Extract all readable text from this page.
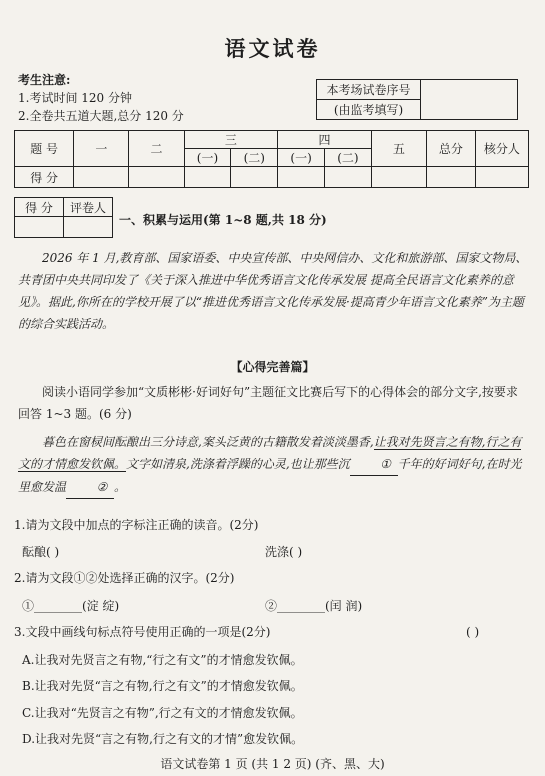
语文试卷
考生注意:
1.考试时间 120 分钟
2.全卷共五道大题,总分 120 分
本考场试卷序号	
(由监考填写)
题 号	一	二	三		四		五	总分	核分人
			(一)	(二)	(一)	(二)			
得 分									
得 分	评卷人

一、积累与运用(第 1~8 题,共 18 分)
2026 年 1 月,教育部、国家语委、中央宣传部、中央网信办、文化和旅游部、国家文物局、共青团中央共同印发了《关于深入推进中华优秀语言文化传承发展 提高全民语言文化素养的意见》。据此,你所在的学校开展了以“推进优秀语言文化传承发展·提高青少年语言文化素养”为主题的综合实践活动。
【心得完善篇】
阅读小语同学参加“文质彬彬·好词好句”主题征文比赛后写下的心得体会的部分文字,按要求回答 1~3 题。(6 分)
暮色在窗棂间酝酿出三分诗意,案头泛黄的古籍散发着淡淡墨香,让我对先贤言之有物,行之有文的才情愈发钦佩。文字如清泉,洗涤着浮躁的心灵,也让那些沉	① 千年的好词好句,在时光里愈发温	② 。
1.请为文段中加点的字标注正确的读音。(2分)
酝酿( )	洗涤( )
2.请为文段①②处选择正确的汉字。(2分)
①________(淀 绽)	②________(闰 润)
3.文段中画线句标点符号使用正确的一项是(2分)	( )
A.让我对先贤言之有物,“行之有文”的才情愈发钦佩。
B.让我对先贤“言之有物,行之有文”的才情愈发钦佩。
C.让我对“先贤言之有物”,行之有文的才情愈发钦佩。
D.让我对先贤“言之有物,行之有文的才情”愈发钦佩。
语文试卷第 1 页 (共 1 2 页) (齐、黑、大)
